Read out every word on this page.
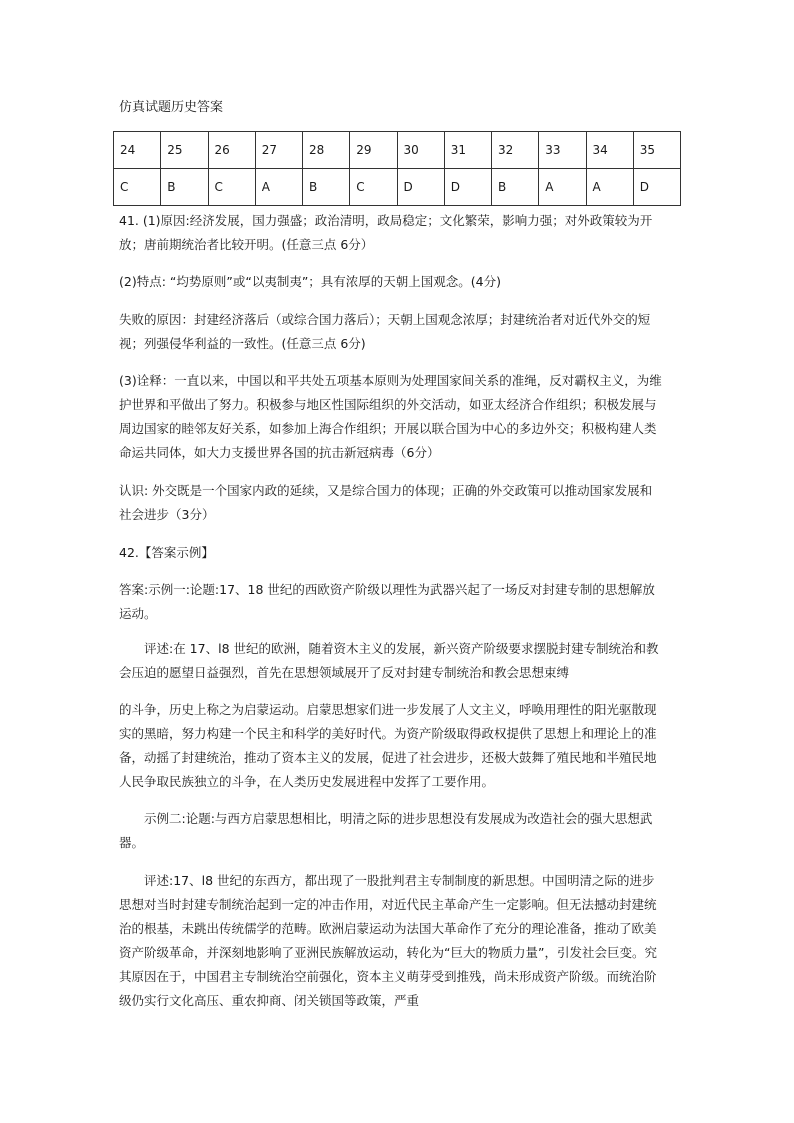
仿真试题历史答案
24	25	26	27	28	29	30	31	32	33	34	35
C	B	C	A	B	C	D	D	B	A	A	D
41. (1)原因:经济发展，国力强盛；政治清明，政局稳定；文化繁荣，影响力强；对外政策较为开放；唐前期统治者比较开明。(任意三点 6分）
(2)特点: “均势原则”或“以夷制夷”；具有浓厚的天朝上国观念。(4分)
失败的原因：封建经济落后（或综合国力落后）；天朝上国观念浓厚；封建统治者对近代外交的短视；列强侵华利益的一致性。(任意三点 6分)
(3)诠释：一直以来，中国以和平共处五项基本原则为处理国家间关系的准绳，反对霸权主义，为维护世界和平做出了努力。积极参与地区性国际组织的外交活动，如亚太经济合作组织；积极发展与周边国家的睦邻友好关系，如参加上海合作组织；开展以联合国为中心的多边外交；积极构建人类命运共同体，如大力支援世界各国的抗击新冠病毒（6分）
认识: 外交既是一个国家内政的延续，又是综合国力的体现；正确的外交政策可以推动国家发展和社会进步（3分）
42.【答案示例】
答案:示例一:论题:17、18 世纪的西欧资产阶级以理性为武器兴起了一场反对封建专制的思想解放运动。
评述:在 17、l8 世纪的欧洲，随着资木主义的发展，新兴资产阶级要求摆脱封建专制统治和教会压迫的愿望日益强烈，首先在思想领域展开了反对封建专制统治和教会思想束缚
的斗争，历史上称之为启蒙运动。启蒙思想家们进一步发展了人文主义，呼唤用理性的阳光驱散现实的黑暗，努力构建一个民主和科学的美好时代。为资产阶级取得政权提供了思想上和理论上的准备，动摇了封建统治，推动了资本主义的发展，促进了社会进步，还极大鼓舞了殖民地和半殖民地人民争取民族独立的斗争，在人类历史发展进程中发挥了工要作用。
示例二:论题:与西方启蒙思想相比，明清之际的进步思想没有发展成为改造社会的强大思想武器。
评述:17、l8 世纪的东西方，都出现了一股批判君主专制制度的新思想。中国明清之际的进步思想对当时封建专制统治起到一定的冲击作用，对近代民主革命产生一定影响。但无法撼动封建统治的根基，未跳出传统儒学的范畴。欧洲启蒙运动为法国大革命作了充分的理论准备，推动了欧美资产阶级革命，并深刻地影响了亚洲民族解放运动，转化为“巨大的物质力量”，引发社会巨变。究其原因在于，中国君主专制统治空前强化，资本主义萌芽受到推残，尚未形成资产阶级。而统治阶级仍实行文化高压、重农抑商、闭关锁国等政策，严重
